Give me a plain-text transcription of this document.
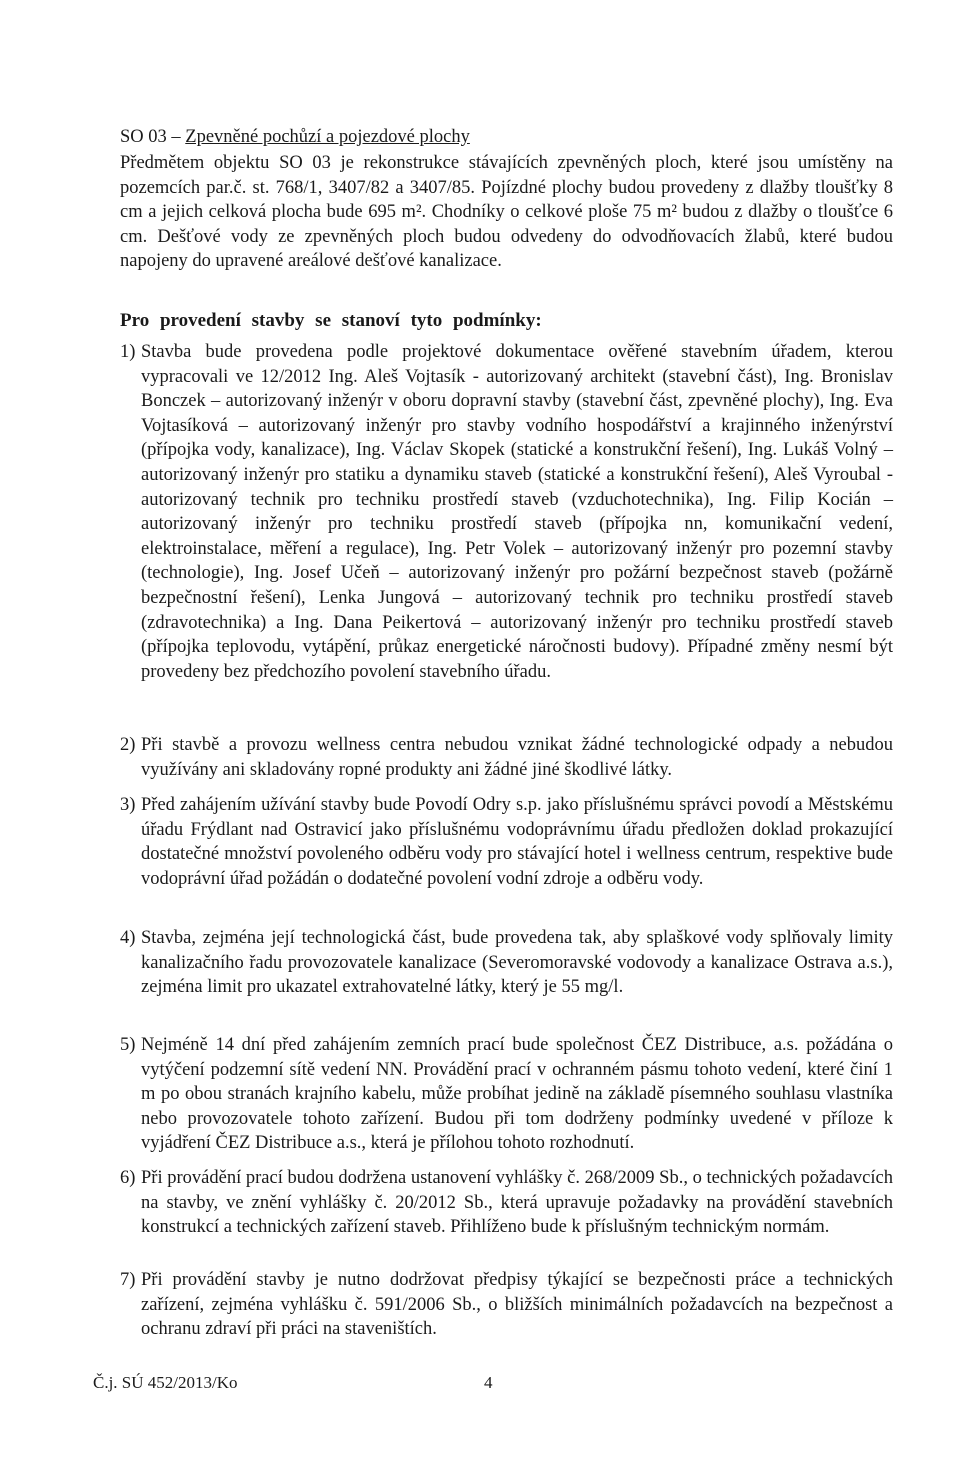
SO 03 – Zpevněné pochůzí a pojezdové plochy
Předmětem objektu SO 03 je rekonstrukce stávajících zpevněných ploch, které jsou umístěny na pozemcích par.č. st. 768/1, 3407/82 a 3407/85. Pojízdné plochy budou provedeny z dlažby tloušťky 8 cm a jejich celková plocha bude 695 m². Chodníky o celkové ploše 75 m² budou z dlažby o tloušťce 6 cm. Dešťové vody ze zpevněných ploch budou odvedeny do odvodňovacích žlabů, které budou napojeny do upravené areálové dešťové kanalizace.
Pro provedení stavby se stanoví tyto podmínky:
1) Stavba bude provedena podle projektové dokumentace ověřené stavebním úřadem, kterou vypracovali ve 12/2012 Ing. Aleš Vojtasík - autorizovaný architekt (stavební část), Ing. Bronislav Bonczek – autorizovaný inženýr v oboru dopravní stavby (stavební část, zpevněné plochy), Ing. Eva Vojtasíková – autorizovaný inženýr pro stavby vodního hospodářství a krajinného inženýrství (přípojka vody, kanalizace), Ing. Václav Skopek (statické a konstrukční řešení), Ing. Lukáš Volný – autorizovaný inženýr pro statiku a dynamiku staveb (statické a konstrukční řešení), Aleš Vyroubal - autorizovaný technik pro techniku prostředí staveb (vzduchotechnika), Ing. Filip Kocián – autorizovaný inženýr pro techniku prostředí staveb (přípojka nn, komunikační vedení, elektroinstalace, měření a regulace), Ing. Petr Volek – autorizovaný inženýr pro pozemní stavby (technologie), Ing. Josef Učeň – autorizovaný inženýr pro požární bezpečnost staveb (požárně bezpečnostní řešení), Lenka Jungová – autorizovaný technik pro techniku prostředí staveb (zdravotechnika) a Ing. Dana Peikertová – autorizovaný inženýr pro techniku prostředí staveb (přípojka teplovodu, vytápění, průkaz energetické náročnosti budovy). Případné změny nesmí být provedeny bez předchozího povolení stavebního úřadu.
2) Při stavbě a provozu wellness centra nebudou vznikat žádné technologické odpady a nebudou využívány ani skladovány ropné produkty ani žádné jiné škodlivé látky.
3) Před zahájením užívání stavby bude Povodí Odry s.p. jako příslušnému správci povodí a Městskému úřadu Frýdlant nad Ostravicí jako příslušnému vodoprávnímu úřadu předložen doklad prokazující dostatečné množství povoleného odběru vody pro stávající hotel i wellness centrum, respektive bude vodoprávní úřad požádán o dodatečné povolení vodní zdroje a odběru vody.
4) Stavba, zejména její technologická část, bude provedena tak, aby splaškové vody splňovaly limity kanalizačního řadu provozovatele kanalizace (Severomoravské vodovody a kanalizace Ostrava a.s.), zejména limit pro ukazatel extrahovatelné látky, který je 55 mg/l.
5) Nejméně 14 dní před zahájením zemních prací bude společnost ČEZ Distribuce, a.s. požádána o vytýčení podzemní sítě vedení NN. Provádění prací v ochranném pásmu tohoto vedení, které činí 1 m po obou stranách krajního kabelu, může probíhat jedině na základě písemného souhlasu vlastníka nebo provozovatele tohoto zařízení. Budou při tom dodrženy podmínky uvedené v příloze k vyjádření ČEZ Distribuce a.s., která je přílohou tohoto rozhodnutí.
6) Při provádění prací budou dodržena ustanovení vyhlášky č. 268/2009 Sb., o technických požadavcích na stavby, ve znění vyhlášky č. 20/2012 Sb., která upravuje požadavky na provádění stavebních konstrukcí a technických zařízení staveb. Přihlíženo bude k příslušným technickým normám.
7) Při provádění stavby je nutno dodržovat předpisy týkající se bezpečnosti práce a technických zařízení, zejména vyhlášku č. 591/2006 Sb., o bližších minimálních požadavcích na bezpečnost a ochranu zdraví při práci na staveništích.
Č.j. SÚ 452/2013/Ko	4
